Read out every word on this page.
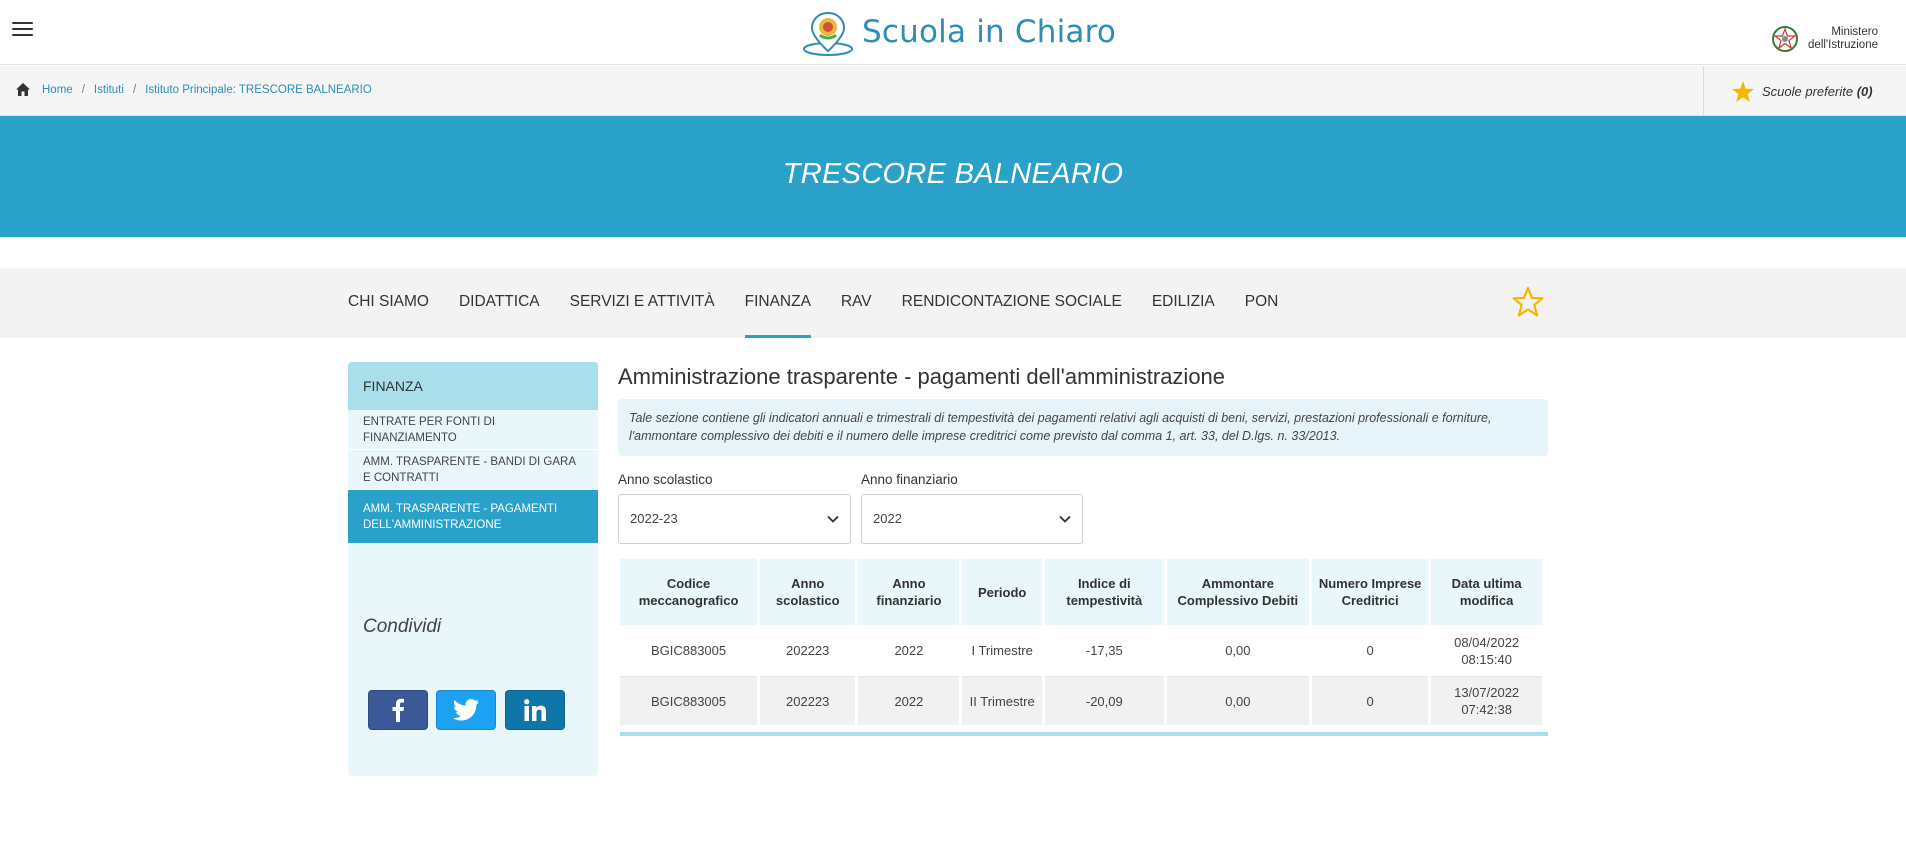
Scuola in Chiaro	Ministero
dell'Istruzione
Home / Istituti / Istituto Principale: TRESCORE BALNEARIO	Scuole preferite (0)
TRESCORE BALNEARIO
CHI SIAMO DIDATTICA SERVIZI E ATTIVITÀ FINANZA RAV RENDICONTAZIONE SOCIALE EDILIZIA PON
FINANZA
ENTRATE PER FONTI DI FINANZIAMENTO
AMM. TRASPARENTE - BANDI DI GARA E CONTRATTI
AMM. TRASPARENTE - PAGAMENTI DELL'AMMINISTRAZIONE
Condividi
Amministrazione trasparente - pagamenti dell'amministrazione
Tale sezione contiene gli indicatori annuali e trimestrali di tempestività dei pagamenti relativi agli acquisti di beni, servizi, prestazioni professionali e forniture, l'ammontare complessivo dei debiti e il numero delle imprese creditrici come previsto dal comma 1, art. 33, del D.lgs. n. 33/2013.
Anno scolastico
2022-23
Anno finanziario
2022
Codice meccanografico	Anno scolastico	Anno finanziario	Periodo	Indice di tempestività	Ammontare Complessivo Debiti	Numero Imprese Creditrici	Data ultima modifica
BGIC883005	202223	2022	I Trimestre	-17,35	0,00	0	08/04/2022 08:15:40
BGIC883005	202223	2022	II Trimestre	-20,09	0,00	0	13/07/2022 07:42:38
